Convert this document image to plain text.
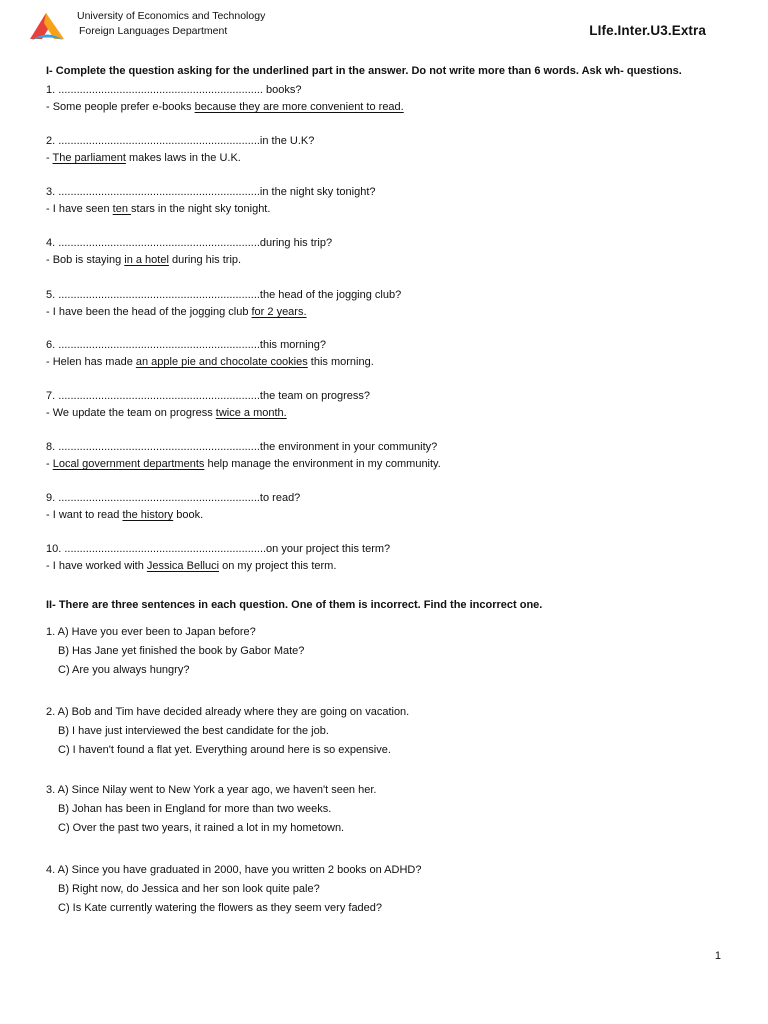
University of Economics and Technology
Foreign Languages Department	LIfe.Inter.U3.Extra
I- Complete the question asking for the underlined part in the answer. Do not write more than 6 words. Ask wh- questions.
1. ................................................................... books?
- Some people prefer e-books because they are more convenient to read.
2. ..................................................................in the U.K?
- The parliament makes laws in the U.K.
3. ..................................................................in the night sky tonight?
- I have seen ten stars in the night sky tonight.
4. ..................................................................during his trip?
- Bob is staying in a hotel during his trip.
5. ..................................................................the head of the jogging club?
- I have been the head of the jogging club for 2 years.
6. ..................................................................this morning?
- Helen has made an apple pie and chocolate cookies this morning.
7. ..................................................................the team on progress?
- We update the team on progress twice a month.
8. ..................................................................the environment in your community?
- Local government departments help manage the environment in my community.
9. ..................................................................to read?
- I want to read the history book.
10. ..................................................................on your project this term?
- I have worked with Jessica Belluci on my project this term.
II- There are three sentences in each question. One of them is incorrect. Find the incorrect one.
1. A) Have you ever been to Japan before?
B) Has Jane yet finished the book by Gabor Mate?
C) Are you always hungry?
2. A) Bob and Tim have decided already where they are going on vacation.
B) I have just interviewed the best candidate for the job.
C) I haven't found a flat yet. Everything around here is so expensive.
3. A) Since Nilay went to New York a year ago, we haven't seen her.
B) Johan has been in England for more than two weeks.
C) Over the past two years, it rained a lot in my hometown.
4. A) Since you have graduated in 2000, have you written 2 books on ADHD?
B) Right now, do Jessica and her son look quite pale?
C) Is Kate currently watering the flowers as they seem very faded?
1
